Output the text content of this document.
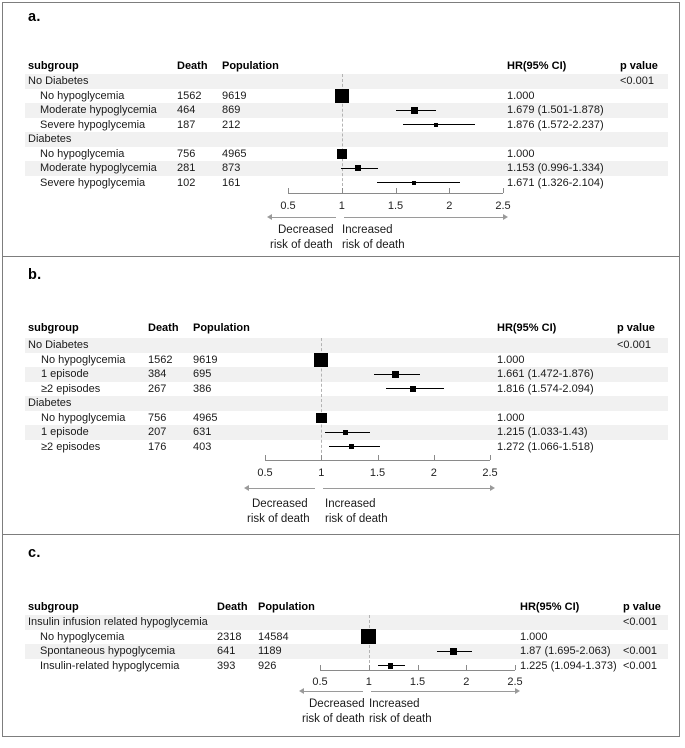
a.
b.
c.
subgroup	Death Population	HR(95% CI)	p value
subgroup	Death Population	HR(95% CI)	p value
subgroup	Death Population	HR(95% CI)	p value
Decreased Increased
risk of death risk of death
Decreased Increased
risk of death risk of death
Decreased Increased
risk of death risk of death
No Diabetes	<0.001
No hypoglycemia	1562 9619	1.000
Moderate hypoglycemia 464 869	1.679 (1.501-1.878)
Severe hypoglycemia	187 212	1.876 (1.572-2.237)
Diabetes
No hypoglycemia	756 4965	1.000
Moderate hypoglycemia 281 873	1.153 (0.996-1.334)
Severe hypoglycemia	102 161	1.671 (1.326-2.104)
0.5	1	1.5	2	2.5
No Diabetes	<0.001
No hypoglycemia 1562 9619	1.000
1 episode	384 695	1.661 (1.472-1.876)
≥2 episodes	267 386	1.816 (1.574-2.094)
Diabetes
No hypoglycemia 756 4965	1.000
1 episode	207 631	1.215 (1.033-1.43)
≥2 episodes	176 403	1.272 (1.066-1.518)
0.5	1	1.5	2	2.5
Insulin infusion related hypoglycemia	<0.001
No hypoglycemia	2318 14584	1.000
Spontaneous hypoglycemia	641 1189	1.87 (1.695-2.063) <0.001
Insulin-related hypoglycemia	393 926	1.225 (1.094-1.373) <0.001
0.5	1	1.5	2	2.5
